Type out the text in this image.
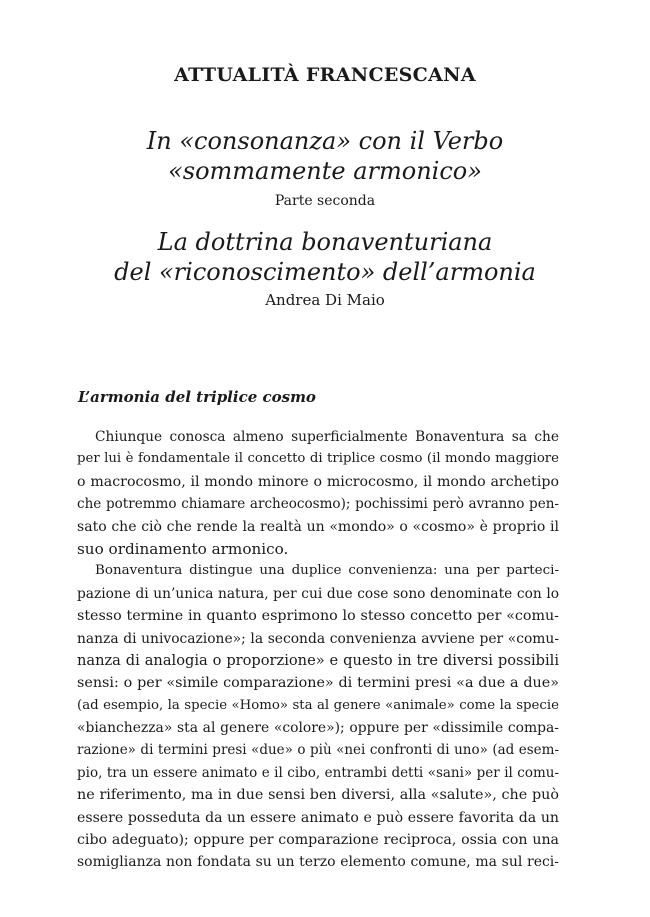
ATTUALITÀ FRANCESCANA
In «consonanza» con il Verbo
«sommamente armonico»
Parte seconda
La dottrina bonaventuriana
del «riconoscimento» dell’armonia
Andrea Di Maio
L’armonia del triplice cosmo
Chiunque conosca almeno superficialmente Bonaventura sa che
per lui è fondamentale il concetto di triplice cosmo (il mondo maggiore
o macrocosmo, il mondo minore o microcosmo, il mondo archetipo
che potremmo chiamare archeocosmo); pochissimi però avranno pen-
sato che ciò che rende la realtà un «mondo» o «cosmo» è proprio il
suo ordinamento armonico.
Bonaventura distingue una duplice convenienza: una per parteci-
pazione di un’unica natura, per cui due cose sono denominate con lo
stesso termine in quanto esprimono lo stesso concetto per «comu-
nanza di univocazione»; la seconda convenienza avviene per «comu-
nanza di analogia o proporzione» e questo in tre diversi possibili
sensi: o per «simile comparazione» di termini presi «a due a due»
(ad esempio, la specie «Homo» sta al genere «animale» come la specie
«bianchezza» sta al genere «colore»); oppure per «dissimile compa-
razione» di termini presi «due» o più «nei confronti di uno» (ad esem-
pio, tra un essere animato e il cibo, entrambi detti «sani» per il comu-
ne riferimento, ma in due sensi ben diversi, alla «salute», che può
essere posseduta da un essere animato e può essere favorita da un
cibo adeguato); oppure per comparazione reciproca, ossia con una
somiglianza non fondata su un terzo elemento comune, ma sul reci-
